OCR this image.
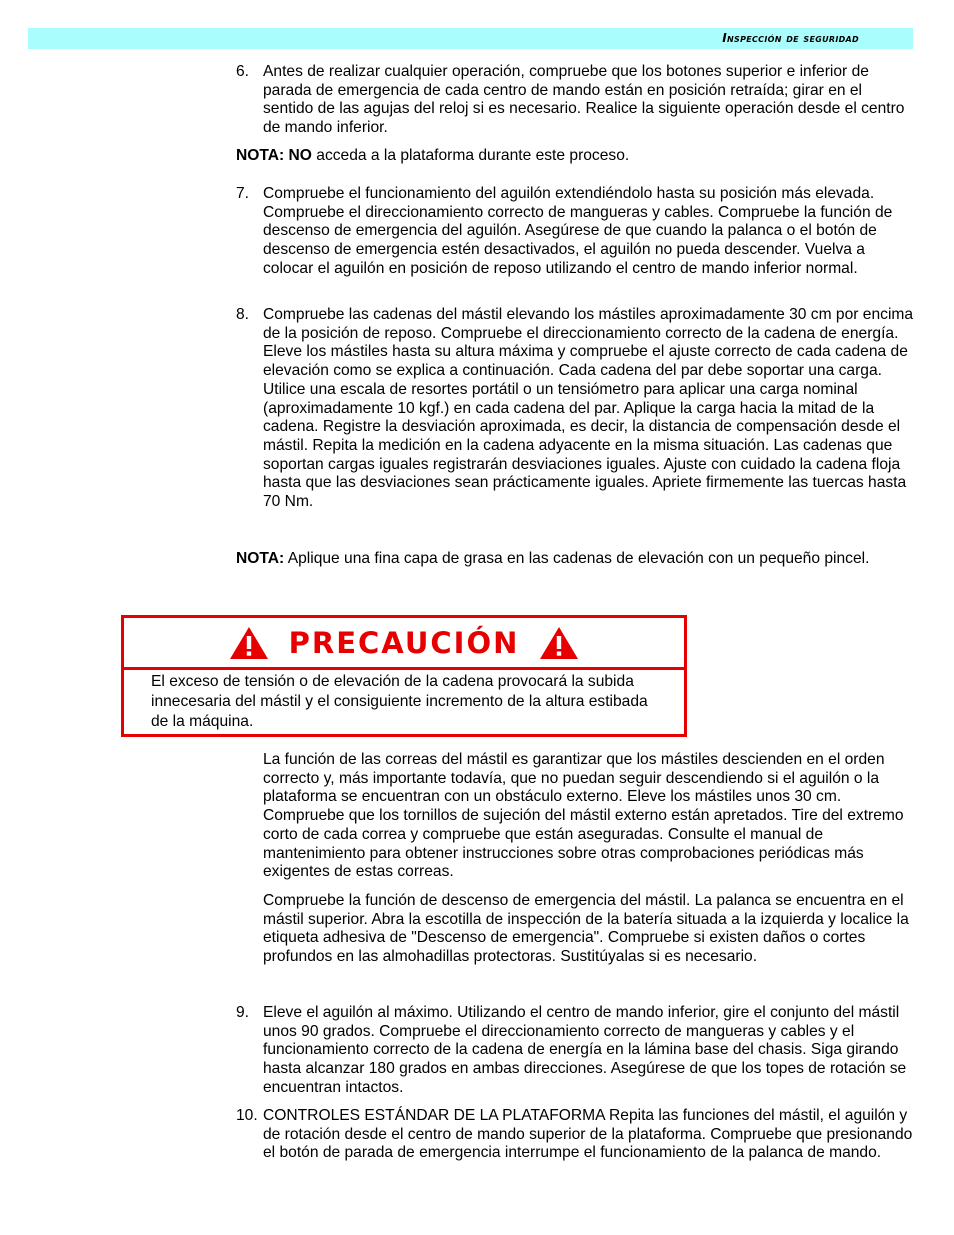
Inspección de seguridad
6. Antes de realizar cualquier operación, compruebe que los botones superior e inferior de parada de emergencia de cada centro de mando están en posición retraída; girar en el sentido de las agujas del reloj si es necesario. Realice la siguiente operación desde el centro de mando inferior.
NOTA: NO acceda a la plataforma durante este proceso.
7. Compruebe el funcionamiento del aguilón extendiéndolo hasta su posición más elevada. Compruebe el direccionamiento correcto de mangueras y cables. Compruebe la función de descenso de emergencia del aguilón. Asegúrese de que cuando la palanca o el botón de descenso de emergencia estén desactivados, el aguilón no pueda descender. Vuelva a colocar el aguilón en posición de reposo utilizando el centro de mando inferior normal.
8. Compruebe las cadenas del mástil elevando los mástiles aproximadamente 30 cm por encima de la posición de reposo. Compruebe el direccionamiento correcto de la cadena de energía. Eleve los mástiles hasta su altura máxima y compruebe el ajuste correcto de cada cadena de elevación como se explica a continuación. Cada cadena del par debe soportar una carga. Utilice una escala de resortes portátil o un tensiómetro para aplicar una carga nominal (aproximadamente 10 kgf.) en cada cadena del par. Aplique la carga hacia la mitad de la cadena. Registre la desviación aproximada, es decir, la distancia de compensación desde el mástil. Repita la medición en la cadena adyacente en la misma situación. Las cadenas que soportan cargas iguales registrarán desviaciones iguales. Ajuste con cuidado la cadena floja hasta que las desviaciones sean prácticamente iguales. Apriete firmemente las tuercas hasta 70 Nm.
NOTA: Aplique una fina capa de grasa en las cadenas de elevación con un pequeño pincel.
PRECAUCIÓN
El exceso de tensión o de elevación de la cadena provocará la subida innecesaria del mástil y el consiguiente incremento de la altura estibada de la máquina.
La función de las correas del mástil es garantizar que los mástiles descienden en el orden correcto y, más importante todavía, que no puedan seguir descendiendo si el aguilón o la plataforma se encuentran con un obstáculo externo. Eleve los mástiles unos 30 cm. Compruebe que los tornillos de sujeción del mástil externo están apretados. Tire del extremo corto de cada correa y compruebe que están aseguradas. Consulte el manual de mantenimiento para obtener instrucciones sobre otras comprobaciones periódicas más exigentes de estas correas.
Compruebe la función de descenso de emergencia del mástil. La palanca se encuentra en el mástil superior. Abra la escotilla de inspección de la batería situada a la izquierda y localice la etiqueta adhesiva de "Descenso de emergencia". Compruebe si existen daños o cortes profundos en las almohadillas protectoras. Sustitúyalas si es necesario.
9. Eleve el aguilón al máximo. Utilizando el centro de mando inferior, gire el conjunto del mástil unos 90 grados. Compruebe el direccionamiento correcto de mangueras y cables y el funcionamiento correcto de la cadena de energía en la lámina base del chasis. Siga girando hasta alcanzar 180 grados en ambas direcciones. Asegúrese de que los topes de rotación se encuentran intactos.
10. CONTROLES ESTÁNDAR DE LA PLATAFORMA Repita las funciones del mástil, el aguilón y de rotación desde el centro de mando superior de la plataforma. Compruebe que presionando el botón de parada de emergencia interrumpe el funcionamiento de la palanca de mando.
